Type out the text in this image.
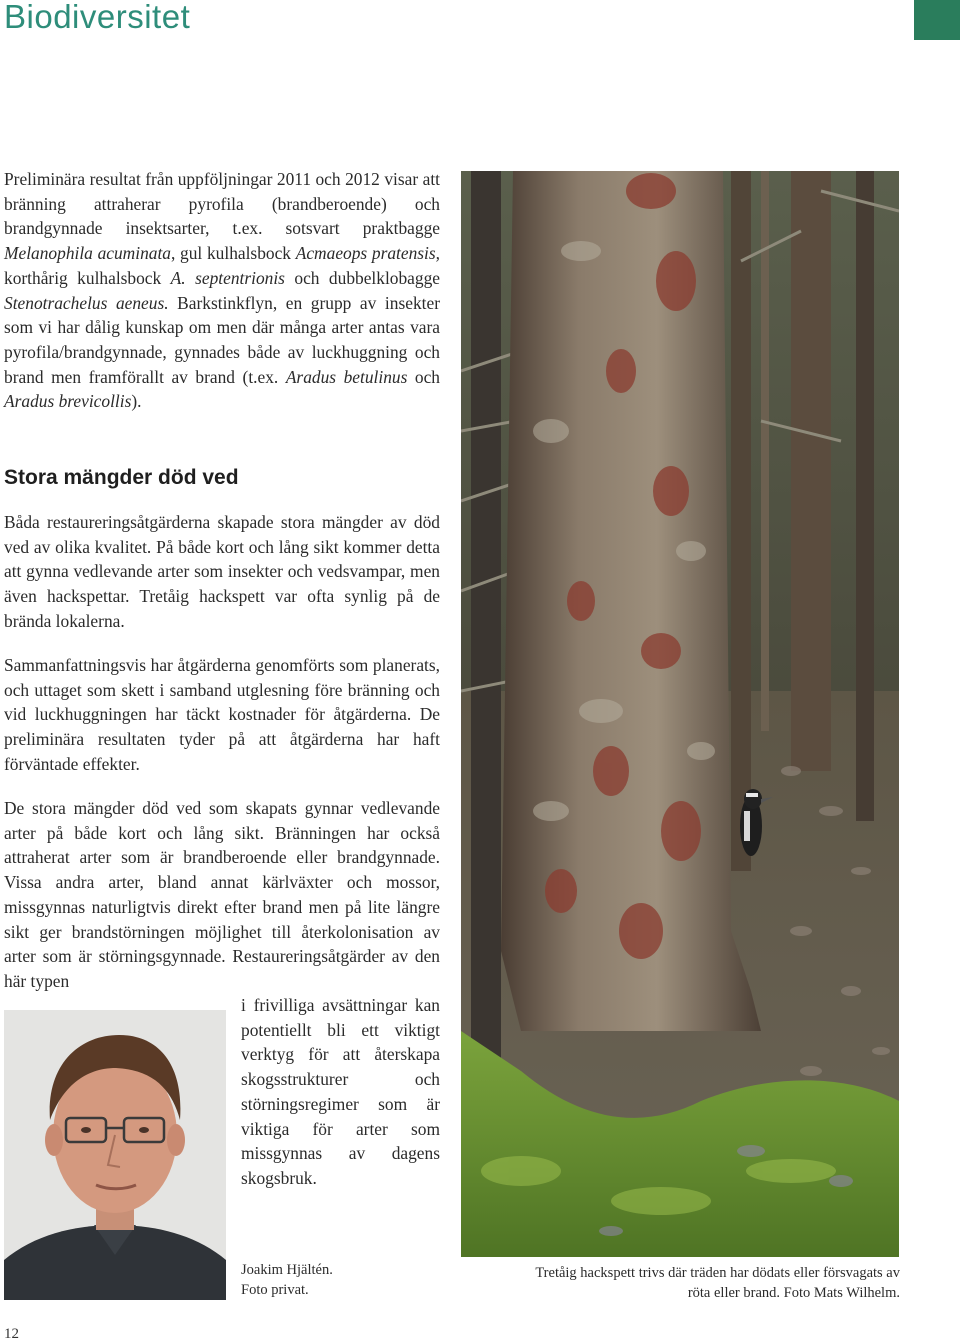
Biodiversitet

Preliminära resultat från uppföljningar 2011 och 2012 visar att bränning attraherar pyrofila (brandberoende) och brandgynnade insektsarter, t.ex. sotsvart praktbagge Melanophila acuminata, gul kulhalsbock Acmaeops pratensis, korthårig kulhalsbock A. septentrionis och dubbelklobagge Stenotrachelus aeneus. Barkstinkflyn, en grupp av insekter som vi har dålig kunskap om men där många arter antas vara pyrofila/brandgynnade, gynnades både av luckhuggning och brand men framförallt av brand (t.ex. Aradus betulinus och Aradus brevicollis).

Stora mängder död ved

Båda restaureringsåtgärderna skapade stora mängder av död ved av olika kvalitet. På både kort och lång sikt kommer detta att gynna vedlevande arter som insekter och vedsvampar, men även hackspettar. Tretåig hackspett var ofta synlig på de brända lokalerna.

Sammanfattningsvis har åtgärderna genomförts som planerats, och uttaget som skett i samband utglesning före bränning och vid luckhuggningen har täckt kostnader för åtgärderna. De preliminära resultaten tyder på att åtgärderna har haft förväntade effekter.

De stora mängder död ved som skapats gynnar vedlevande arter på både kort och lång sikt. Bränningen har också attraherat arter som är brandberoende eller brandgynnade. Vissa andra arter, bland annat kärlväxter och mossor, missgynnas naturligtvis direkt efter brand men på lite längre sikt ger brandstörningen möjlighet till återkolonisation av arter som är störningsgynnade. Restaureringsåtgärder av den här typen

i frivilliga avsättningar kan potentiellt bli ett viktigt verktyg för att återskapa skogsstrukturer och störningsregimer som är viktiga för arter som missgynnas av dagens skogsbruk.

Joakim Hjältén.
Foto privat.

Tretåig hackspett trivs där träden har dödats eller försvagats av
röta eller brand. Foto Mats Wilhelm.

12
